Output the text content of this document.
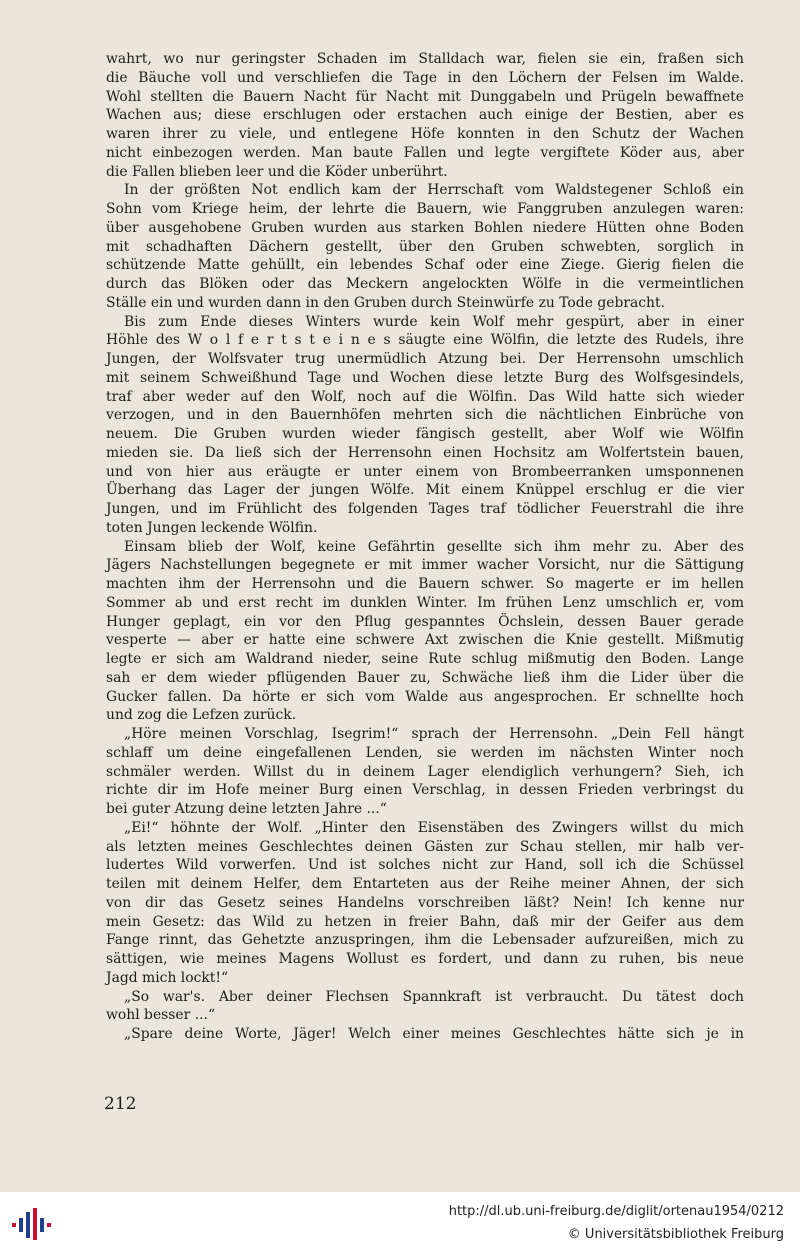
wahrt, wo nur geringster Schaden im Stalldach war, fielen sie ein, fraßen sich
die Bäuche voll und verschliefen die Tage in den Löchern der Felsen im Walde.
Wohl stellten die Bauern Nacht für Nacht mit Dunggabeln und Prügeln bewaffnete
Wachen aus; diese erschlugen oder erstachen auch einige der Bestien, aber es
waren ihrer zu viele, und entlegene Höfe konnten in den Schutz der Wachen
nicht einbezogen werden. Man baute Fallen und legte vergiftete Köder aus, aber
die Fallen blieben leer und die Köder unberührt.
In der größten Not endlich kam der Herrschaft vom Waldstegener Schloß ein
Sohn vom Kriege heim, der lehrte die Bauern, wie Fanggruben anzulegen waren:
über ausgehobene Gruben wurden aus starken Bohlen niedere Hütten ohne Boden
mit schadhaften Dächern gestellt, über den Gruben schwebten, sorglich in
schützende Matte gehüllt, ein lebendes Schaf oder eine Ziege. Gierig fielen die
durch das Blöken oder das Meckern angelockten Wölfe in die vermeintlichen
Ställe ein und wurden dann in den Gruben durch Steinwürfe zu Tode gebracht.
Bis zum Ende dieses Winters wurde kein Wolf mehr gespürt, aber in einer
Höhle des W o l f e r t s t e i n e s säugte eine Wölfin, die letzte des Rudels, ihre
Jungen, der Wolfsvater trug unermüdlich Atzung bei. Der Herrensohn umschlich
mit seinem Schweißhund Tage und Wochen diese letzte Burg des Wolfsgesindels,
traf aber weder auf den Wolf, noch auf die Wölfin. Das Wild hatte sich wieder
verzogen, und in den Bauernhöfen mehrten sich die nächtlichen Einbrüche von
neuem. Die Gruben wurden wieder fängisch gestellt, aber Wolf wie Wölfin
mieden sie. Da ließ sich der Herrensohn einen Hochsitz am Wolfertstein bauen,
und von hier aus eräugte er unter einem von Brombeerranken umsponnenen
Überhang das Lager der jungen Wölfe. Mit einem Knüppel erschlug er die vier
Jungen, und im Frühlicht des folgenden Tages traf tödlicher Feuerstrahl die ihre
toten Jungen leckende Wölfin.
Einsam blieb der Wolf, keine Gefährtin gesellte sich ihm mehr zu. Aber des
Jägers Nachstellungen begegnete er mit immer wacher Vorsicht, nur die Sättigung
machten ihm der Herrensohn und die Bauern schwer. So magerte er im hellen
Sommer ab und erst recht im dunklen Winter. Im frühen Lenz umschlich er, vom
Hunger geplagt, ein vor den Pflug gespanntes Öchslein, dessen Bauer gerade
vesperte — aber er hatte eine schwere Axt zwischen die Knie gestellt. Mißmutig
legte er sich am Waldrand nieder, seine Rute schlug mißmutig den Boden. Lange
sah er dem wieder pflügenden Bauer zu, Schwäche ließ ihm die Lider über die
Gucker fallen. Da hörte er sich vom Walde aus angesprochen. Er schnellte hoch
und zog die Lefzen zurück.
„Höre meinen Vorschlag, Isegrim!“ sprach der Herrensohn. „Dein Fell hängt
schlaff um deine eingefallenen Lenden, sie werden im nächsten Winter noch
schmäler werden. Willst du in deinem Lager elendiglich verhungern? Sieh, ich
richte dir im Hofe meiner Burg einen Verschlag, in dessen Frieden verbringst du
bei guter Atzung deine letzten Jahre ...“
„Ei!“ höhnte der Wolf. „Hinter den Eisenstäben des Zwingers willst du mich
als letzten meines Geschlechtes deinen Gästen zur Schau stellen, mir halb ver-
ludertes Wild vorwerfen. Und ist solches nicht zur Hand, soll ich die Schüssel
teilen mit deinem Helfer, dem Entarteten aus der Reihe meiner Ahnen, der sich
von dir das Gesetz seines Handelns vorschreiben läßt? Nein! Ich kenne nur
mein Gesetz: das Wild zu hetzen in freier Bahn, daß mir der Geifer aus dem
Fange rinnt, das Gehetzte anzuspringen, ihm die Lebensader aufzureißen, mich zu
sättigen, wie meines Magens Wollust es fordert, und dann zu ruhen, bis neue
Jagd mich lockt!“
„So war's. Aber deiner Flechsen Spannkraft ist verbraucht. Du tätest doch
wohl besser ...“
„Spare deine Worte, Jäger! Welch einer meines Geschlechtes hätte sich je in
212
http://dl.ub.uni-freiburg.de/diglit/ortenau1954/0212
© Universitätsbibliothek Freiburg
